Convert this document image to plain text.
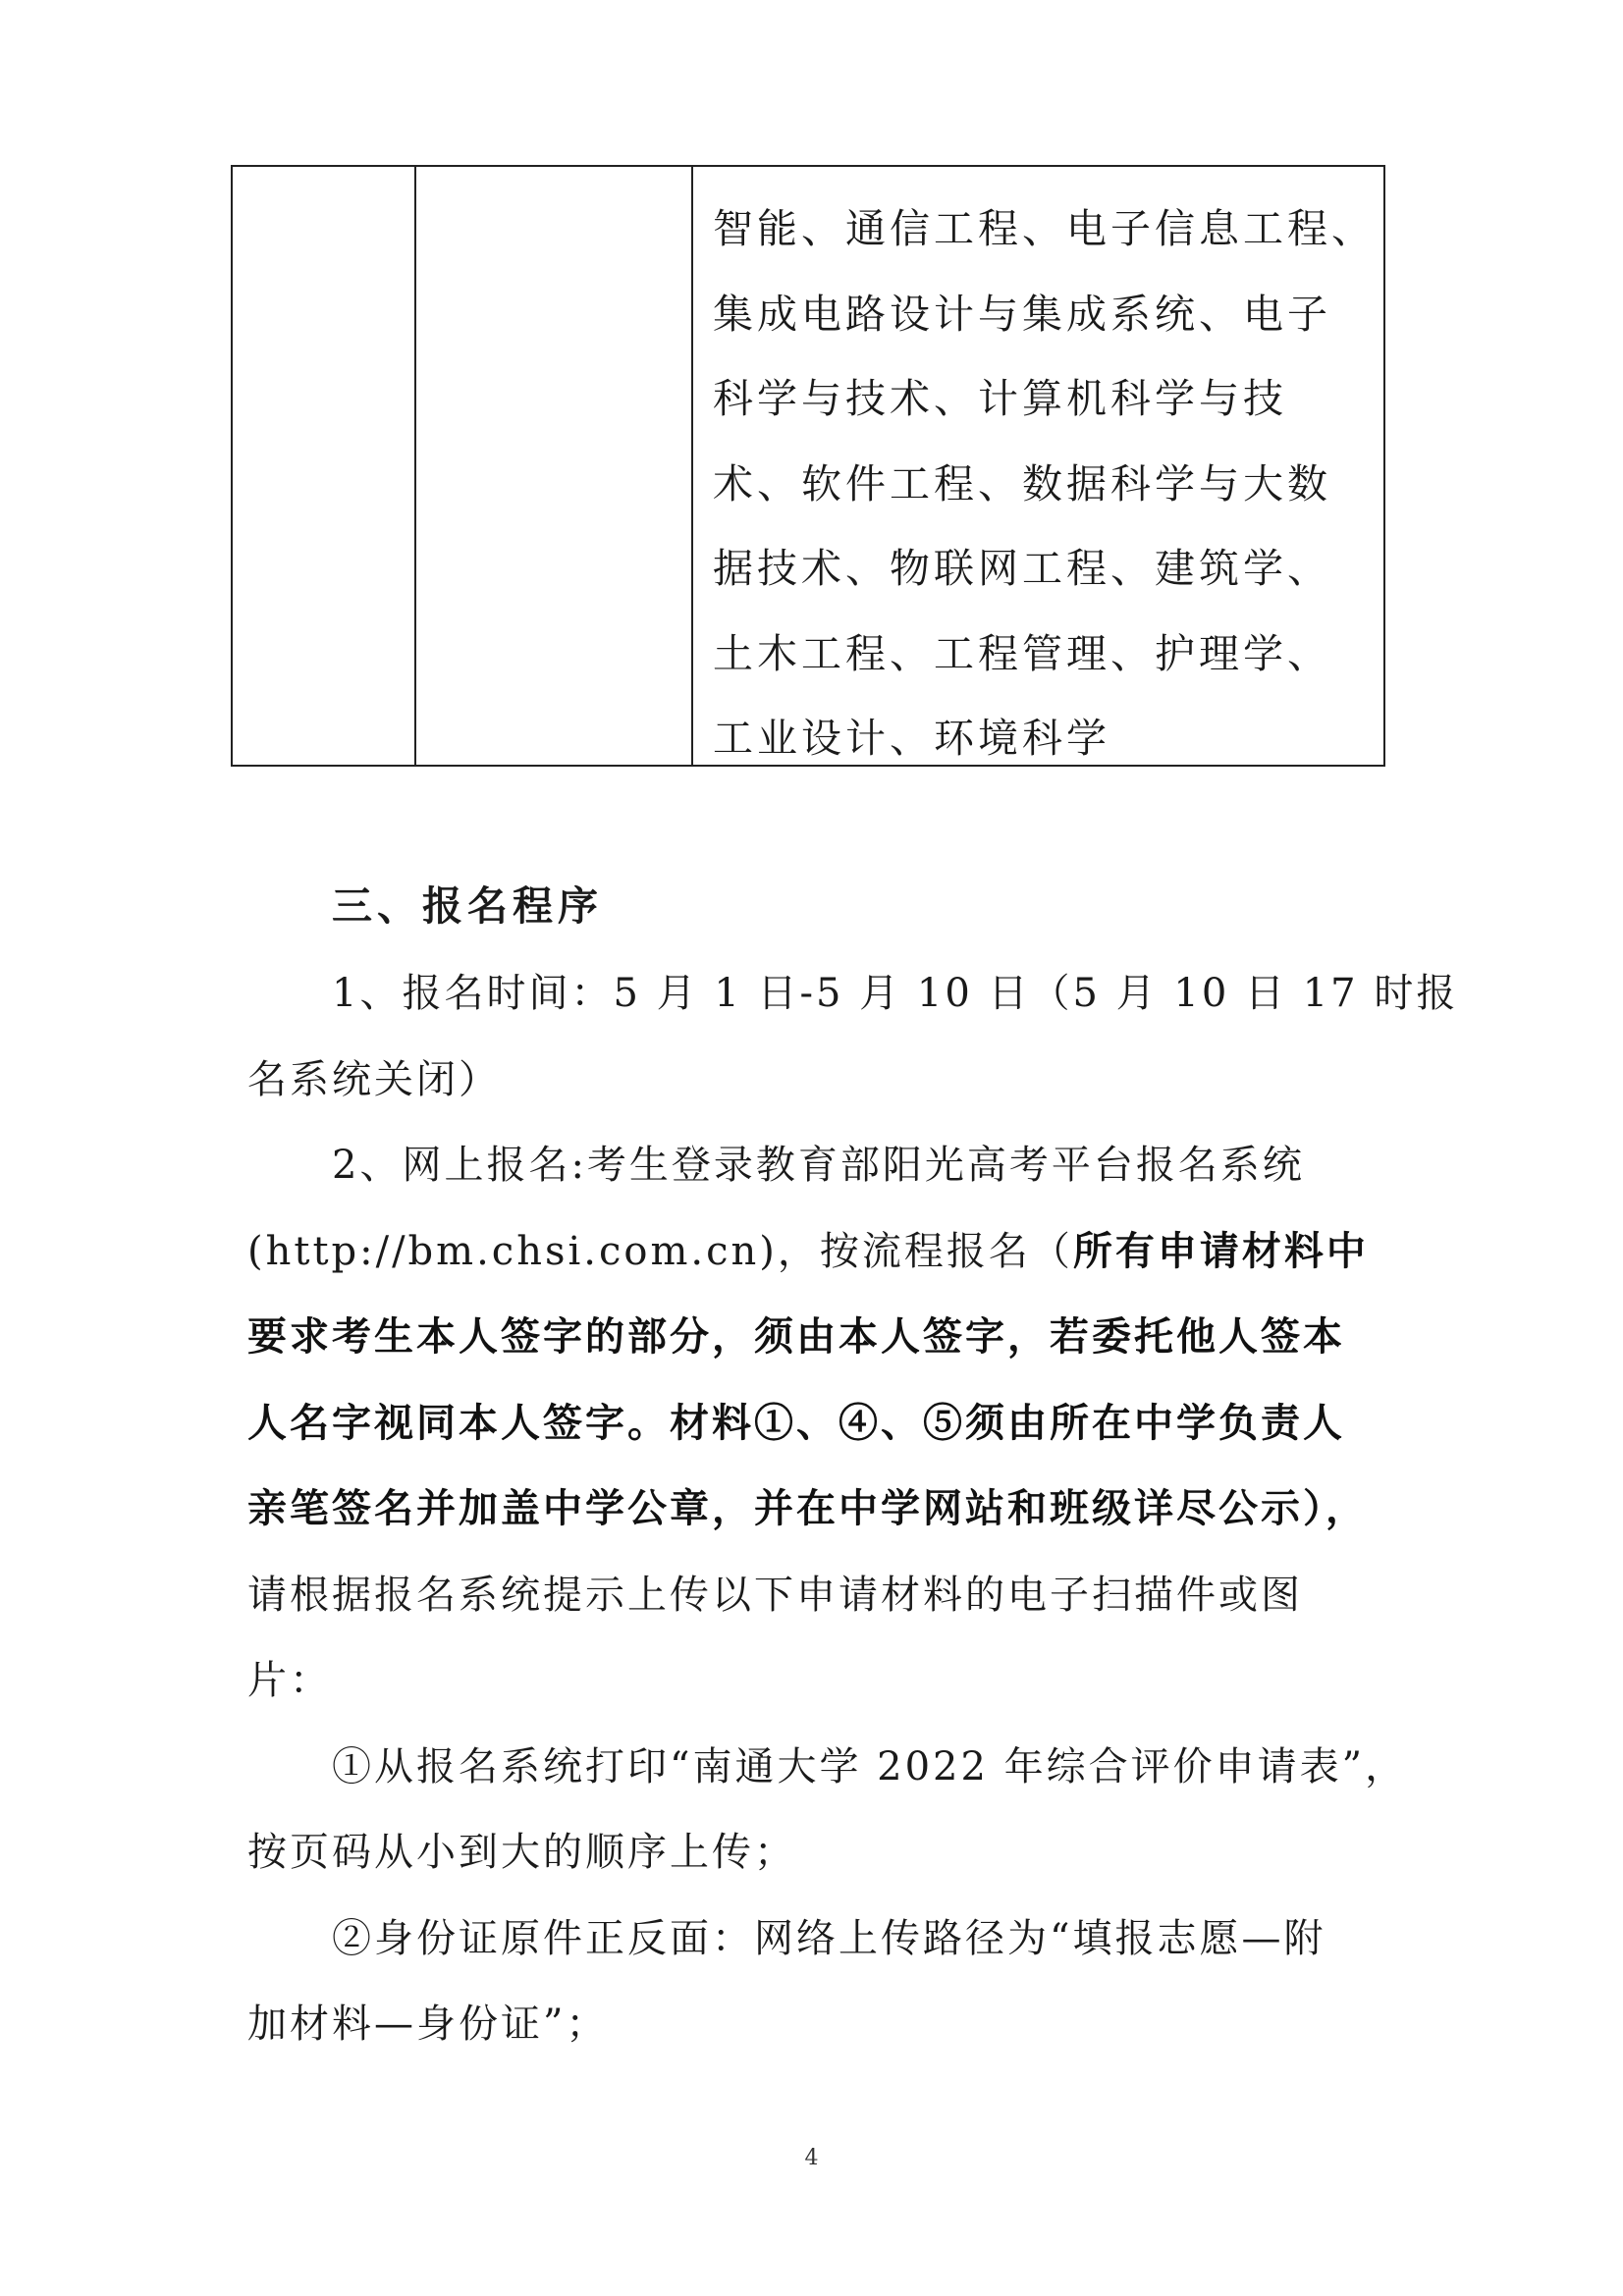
智能、通信工程、电子信息工程、
集成电路设计与集成系统、电子
科学与技术、计算机科学与技
术、软件工程、数据科学与大数
据技术、物联网工程、建筑学、
土木工程、工程管理、护理学、
工业设计、环境科学
三、报名程序
1、报名时间：5 月 1 日-5 月 10 日（5 月 10 日 17 时报
名系统关闭）
2、网上报名:考生登录教育部阳光高考平台报名系统
(http://bm.chsi.com.cn)，按流程报名（所有申请材料中
要求考生本人签字的部分，须由本人签字，若委托他人签本
人名字视同本人签字。材料①、④、⑤须由所在中学负责人
亲笔签名并加盖中学公章，并在中学网站和班级详尽公示），
请根据报名系统提示上传以下申请材料的电子扫描件或图
片：
①从报名系统打印“南通大学 2022 年综合评价申请表”，
按页码从小到大的顺序上传；
②身份证原件正反面：网络上传路径为“填报志愿—附
加材料—身份证”；
4
